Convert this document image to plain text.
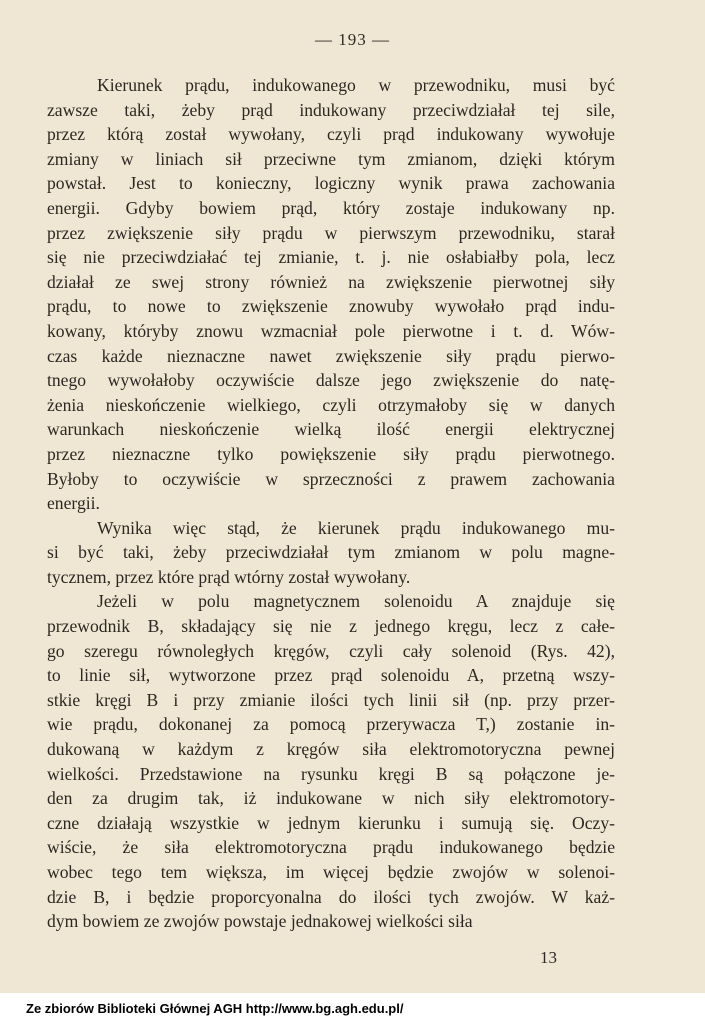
— 193 —
Kierunek prądu, indukowanego w przewodniku, musi być
zawsze taki, żeby prąd indukowany przeciwdziałał tej sile,
przez którą został wywołany, czyli prąd indukowany wywołuje
zmiany w liniach sił przeciwne tym zmianom, dzięki którym
powstał. Jest to konieczny, logiczny wynik prawa zachowania
energii. Gdyby bowiem prąd, który zostaje indukowany np.
przez zwiększenie siły prądu w pierwszym przewodniku, starał
się nie przeciwdziałać tej zmianie, t. j. nie osłabiałby pola, lecz
działał ze swej strony również na zwiększenie pierwotnej siły
prądu, to nowe to zwiększenie znowuby wywołało prąd indu-
kowany, któryby znowu wzmacniał pole pierwotne i t. d. Wów-
czas każde nieznaczne nawet zwiększenie siły prądu pierwo-
tnego wywołałoby oczywiście dalsze jego zwiększenie do natę-
żenia nieskończenie wielkiego, czyli otrzymałoby się w danych
warunkach nieskończenie wielką ilość energii elektrycznej
przez nieznaczne tylko powiększenie siły prądu pierwotnego.
Byłoby to oczywiście w sprzeczności z prawem zachowania
energii.
Wynika więc stąd, że kierunek prądu indukowanego mu-
si być taki, żeby przeciwdziałał tym zmianom w polu magne-
tycznem, przez które prąd wtórny został wywołany.
Jeżeli w polu magnetycznem solenoidu A znajduje się
przewodnik B, składający się nie z jednego kręgu, lecz z całe-
go szeregu równoległych kręgów, czyli cały solenoid (Rys. 42),
to linie sił, wytworzone przez prąd solenoidu A, przetną wszy-
stkie kręgi B i przy zmianie ilości tych linii sił (np. przy przer-
wie prądu, dokonanej za pomocą przerywacza T,) zostanie in-
dukowaną w każdym z kręgów siła elektromotoryczna pewnej
wielkości. Przedstawione na rysunku kręgi B są połączone je-
den za drugim tak, iż indukowane w nich siły elektromotory-
czne działają wszystkie w jednym kierunku i sumują się. Oczy-
wiście, że siła elektromotoryczna prądu indukowanego będzie
wobec tego tem większa, im więcej będzie zwojów w solenoi-
dzie B, i będzie proporcyonalna do ilości tych zwojów. W każ-
dym bowiem ze zwojów powstaje jednakowej wielkości siła
13
Ze zbiorów Biblioteki Głównej AGH http://www.bg.agh.edu.pl/
